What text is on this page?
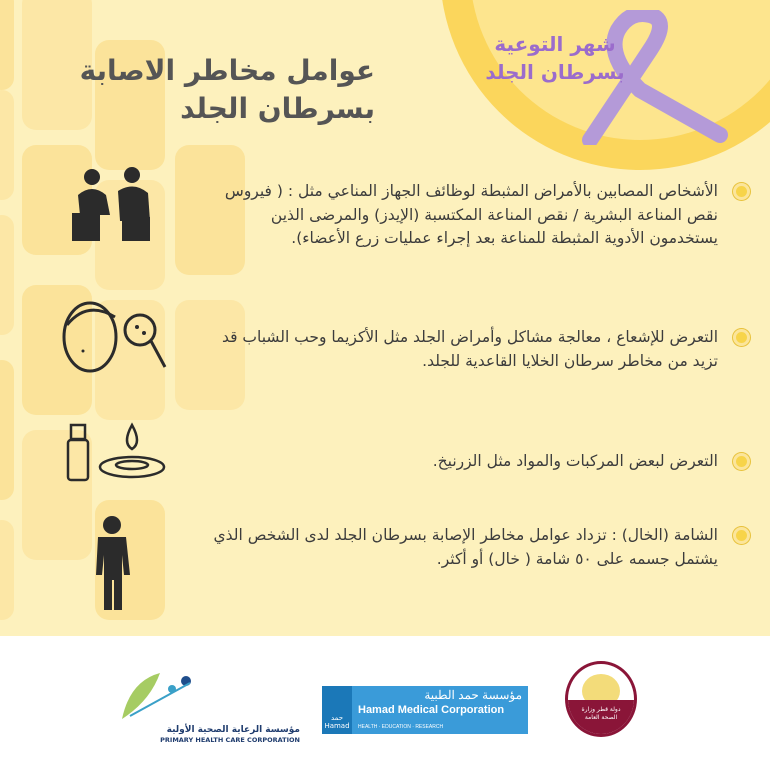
شهر التوعية
بسرطان الجلد
عوامل مخاطر الاصابة
بسرطان الجلد
الأشخاص المصابين بالأمراض المثبطة لوظائف الجهاز المناعي مثل : ( فيروس نقص المناعة البشرية / نقص المناعة المكتسبة (الإيدز) والمرضى الذين يستخدمون الأدوية المثبطة للمناعة بعد إجراء عمليات زرع الأعضاء).
التعرض للإشعاع ، معالجة مشاكل وأمراض الجلد مثل الأكزيما وحب الشباب قد تزيد من مخاطر سرطان الخلايا القاعدية للجلد.
التعرض لبعض المركبات والمواد مثل الزرنيخ.
الشامة (الخال) : تزداد عوامل مخاطر الإصابة بسرطان الجلد لدى الشخص الذي يشتمل جسمه على ٥٠ شامة ( خال) أو أكثر.
مؤسسة الرعاية الصحية الأولية
PRIMARY HEALTH CARE CORPORATION
حمد Hamad
مؤسسة حمد الطبية
Hamad Medical Corporation
HEALTH · EDUCATION · RESEARCH
دولة قطر وزارة الصحة العامة
